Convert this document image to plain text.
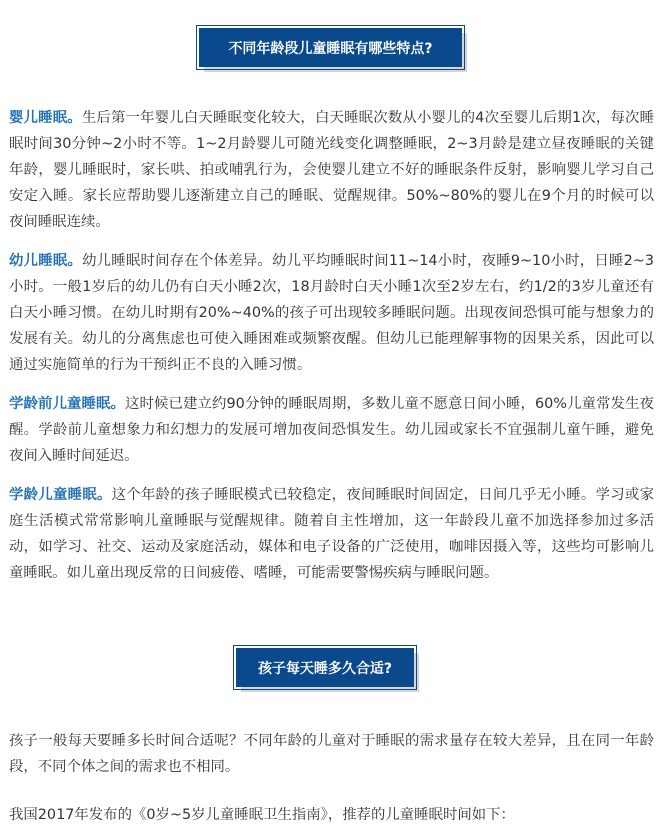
不同年龄段儿童睡眠有哪些特点?

婴儿睡眠。生后第一年婴儿白天睡眠变化较大，白天睡眠次数从小婴儿的4次至婴儿后期1次，每次睡眠时间30分钟~2小时不等。1~2月龄婴儿可随光线变化调整睡眠，2~3月龄是建立昼夜睡眠的关键年龄，婴儿睡眠时，家长哄、拍或哺乳行为，会使婴儿建立不好的睡眠条件反射，影响婴儿学习自己安定入睡。家长应帮助婴儿逐渐建立自己的睡眠、觉醒规律。50%~80%的婴儿在9个月的时候可以夜间睡眠连续。

幼儿睡眠。幼儿睡眠时间存在个体差异。幼儿平均睡眠时间11~14小时，夜睡9~10小时，日睡2~3小时。一般1岁后的幼儿仍有白天小睡2次，18月龄时白天小睡1次至2岁左右，约1/2的3岁儿童还有白天小睡习惯。在幼儿时期有20%~40%的孩子可出现较多睡眠问题。出现夜间恐惧可能与想象力的发展有关。幼儿的分离焦虑也可使入睡困难或频繁夜醒。但幼儿已能理解事物的因果关系，因此可以通过实施简单的行为干预纠正不良的入睡习惯。

学龄前儿童睡眠。这时候已建立约90分钟的睡眠周期，多数儿童不愿意日间小睡，60%儿童常发生夜醒。学龄前儿童想象力和幻想力的发展可增加夜间恐惧发生。幼儿园或家长不宜强制儿童午睡，避免夜间入睡时间延迟。

学龄儿童睡眠。这个年龄的孩子睡眠模式已较稳定，夜间睡眠时间固定，日间几乎无小睡。学习或家庭生活模式常常影响儿童睡眠与觉醒规律。随着自主性增加，这一年龄段儿童不加选择参加过多活动，如学习、社交、运动及家庭活动，媒体和电子设备的广泛使用，咖啡因摄入等，这些均可影响儿童睡眠。如儿童出现反常的日间疲倦、嗜睡，可能需要警惕疾病与睡眠问题。

孩子每天睡多久合适?

孩子一般每天要睡多长时间合适呢？不同年龄的儿童对于睡眠的需求量存在较大差异，且在同一年龄段，不同个体之间的需求也不相同。

我国2017年发布的《0岁~5岁儿童睡眠卫生指南》，推荐的儿童睡眠时间如下：
